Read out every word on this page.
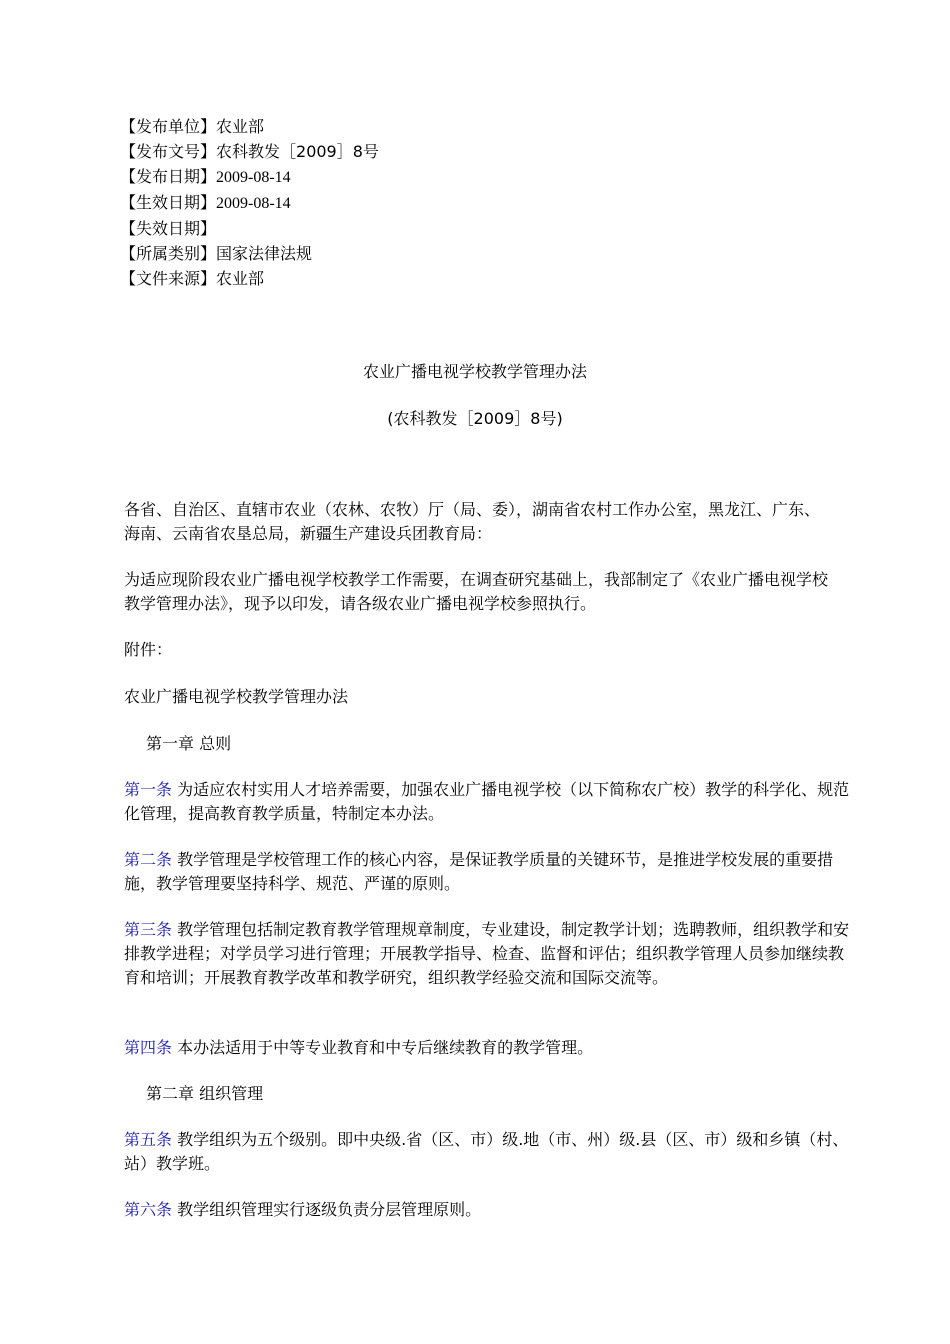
【发布单位】农业部
【发布文号】农科教发［2009］8号
【发布日期】2009-08-14
【生效日期】2009-08-14
【失效日期】
【所属类别】国家法律法规
【文件来源】农业部
农业广播电视学校教学管理办法
(农科教发［2009］8号)
各省、自治区、直辖市农业（农林、农牧）厅（局、委），湖南省农村工作办公室，黑龙江、广东、海南、云南省农垦总局，新疆生产建设兵团教育局：
为适应现阶段农业广播电视学校教学工作需要，在调查研究基础上，我部制定了《农业广播电视学校教学管理办法》，现予以印发，请各级农业广播电视学校参照执行。
附件：
农业广播电视学校教学管理办法
第一章 总则
第一条 为适应农村实用人才培养需要，加强农业广播电视学校（以下简称农广校）教学的科学化、规范化管理，提高教育教学质量，特制定本办法。
第二条 教学管理是学校管理工作的核心内容，是保证教学质量的关键环节，是推进学校发展的重要措施，教学管理要坚持科学、规范、严谨的原则。
第三条 教学管理包括制定教育教学管理规章制度，专业建设，制定教学计划；选聘教师，组织教学和安排教学进程；对学员学习进行管理；开展教学指导、检查、监督和评估；组织教学管理人员参加继续教育和培训；开展教育教学改革和教学研究，组织教学经验交流和国际交流等。
第四条 本办法适用于中等专业教育和中专后继续教育的教学管理。
第二章 组织管理
第五条 教学组织为五个级别。即中央级.省（区、市）级.地（市、州）级.县（区、市）级和乡镇（村、站）教学班。
第六条 教学组织管理实行逐级负责分层管理原则。
